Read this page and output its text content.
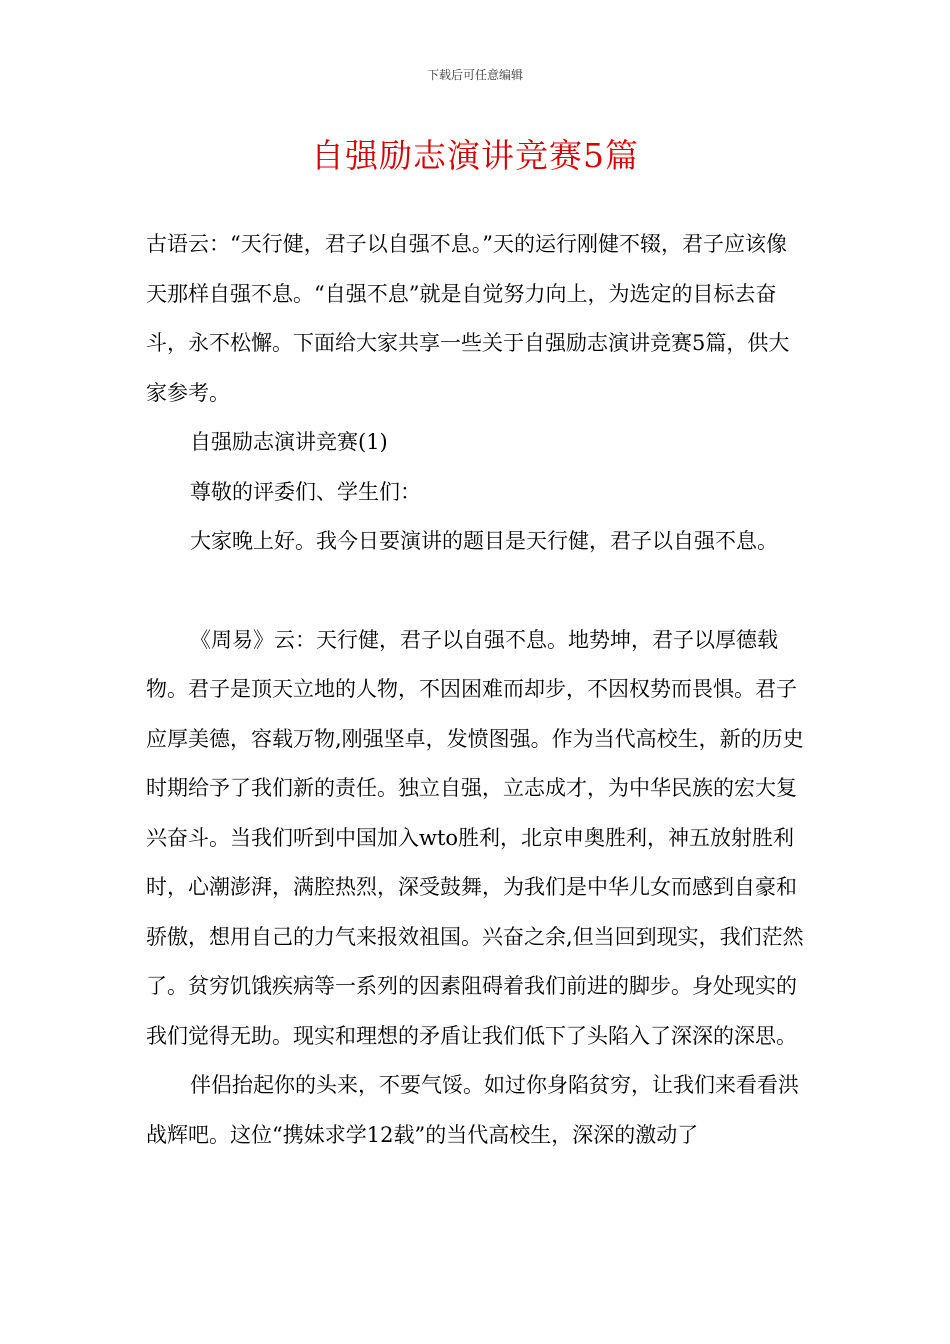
下载后可任意编辑
自强励志演讲竞赛5篇

古语云：“天行健，君子以自强不息。”天的运行刚健不辍，君子应该像天那样自强不息。“自强不息”就是自觉努力向上，为选定的目标去奋斗，永不松懈。下面给大家共享一些关于自强励志演讲竞赛5篇，供大家参考。

自强励志演讲竞赛(1)

尊敬的评委们、学生们：

大家晚上好。我今日要演讲的题目是天行健，君子以自强不息。

《周易》云：天行健，君子以自强不息。地势坤，君子以厚德载物。君子是顶天立地的人物，不因困难而却步，不因权势而畏惧。君子应厚美德，容载万物,刚强坚卓，发愤图强。作为当代高校生，新的历史时期给予了我们新的责任。独立自强，立志成才，为中华民族的宏大复兴奋斗。当我们听到中国加入wto胜利，北京申奥胜利，神五放射胜利时，心潮澎湃，满腔热烈，深受鼓舞，为我们是中华儿女而感到自豪和骄傲，想用自己的力气来报效祖国。兴奋之余,但当回到现实，我们茫然了。贫穷饥饿疾病等一系列的因素阻碍着我们前进的脚步。身处现实的我们觉得无助。现实和理想的矛盾让我们低下了头陷入了深深的深思。

伴侣抬起你的头来，不要气馁。如过你身陷贫穷，让我们来看看洪战辉吧。这位“携妹求学12载”的当代高校生，深深的激动了
